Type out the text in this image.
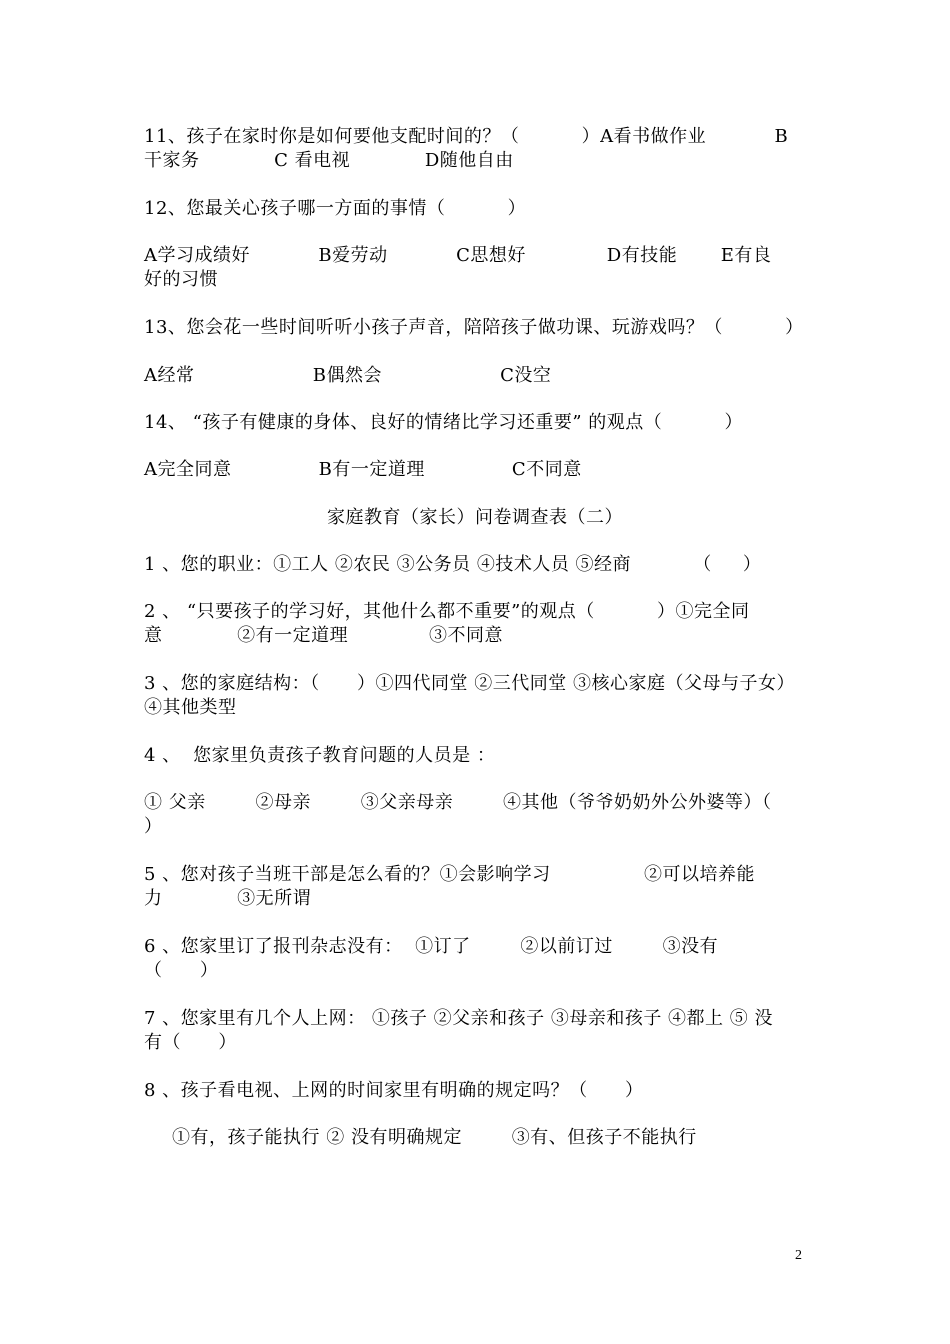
11、孩子在家时你是如何要他支配时间的？（          ）A看书做作业           B
干家务            C 看电视            D随他自由
12、您最关心孩子哪一方面的事情（          ）
A学习成绩好           B爱劳动           C思想好             D有技能       E有良
好的习惯
13、您会花一些时间听听小孩子声音，陪陪孩子做功课、玩游戏吗？（          ）
A经常                   B偶然会                   C没空
14、 “孩子有健康的身体、良好的情绪比学习还重要” 的观点（          ）
A完全同意              B有一定道理              C不同意
家庭教育（家长）问卷调查表（二）
1 、您的职业：①工人 ②农民 ③公务员 ④技术人员 ⑤经商          （     ）
2 、 “只要孩子的学习好，其他什么都不重要”的观点（          ）①完全同
意            ②有一定道理             ③不同意
3 、您的家庭结构：（      ）①四代同堂 ②三代同堂 ③核心家庭（父母与子女）
④其他类型
4 、  您家里负责孩子教育问题的人员是 ：
① 父亲        ②母亲        ③父亲母亲        ④其他（爷爷奶奶外公外婆等）（
）
5 、您对孩子当班干部是怎么看的？①会影响学习               ②可以培养能
力            ③无所谓
6 、您家里订了报刊杂志没有：  ①订了        ②以前订过        ③没有
（      ）
7 、您家里有几个人上网： ①孩子 ②父亲和孩子 ③母亲和孩子 ④都上 ⑤ 没
有（      ）
8 、孩子看电视、上网的时间家里有明确的规定吗？（      ）
①有，孩子能执行 ② 没有明确规定        ③有、但孩子不能执行
2
